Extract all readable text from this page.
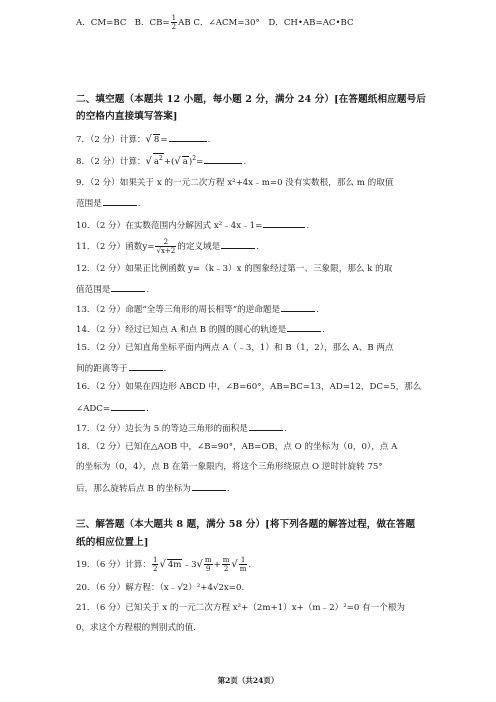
A．CM=BC B．$CB= \frac{1}{2}$ AB C．∠ACM=30°　D．CH•AB=AC•BC
二、填空题（本题共 12 小题，每小题 2 分，满分 24 分）[在答题纸相应题号后
的空格内直接填写答案]
7．（2 分）计算：√ 8=	.
8．（2 分）计算：√ $a^2+(√$ a)$^2$=	.
9．（2 分）如果关于 x 的一元二次方程 x²+4x﹣m=0 没有实数根，那么 m 的取值
范围是	.
10．（2 分）在实数范围内分解因式 x²﹣4x﹣1=	.
11．（2 分）函数$y= \frac{2}{√x+2}$ 的定义域是	.
12．（2 分）如果正比例函数 y=（k﹣3）x 的图象经过第一、三象限，那么 k 的取
值范围是	.
13．（2 分）命题“全等三角形的周长相等”的逆命题是	.
14．（2 分）经过已知点 A 和点 B 的圆的圆心的轨迹是	.
15．（2 分）已知直角坐标平面内两点 A（﹣3，1）和 B（1，2），那么 A、B 两点
间的距离等于	.
16．（2 分）如果在四边形 ABCD 中，∠B=60°，AB=BC=13，AD=12，DC=5，那么
∠ADC=	.
17．（2 分）边长为 5 的等边三角形的面积是	.
18．（2 分）已知在△AOB 中，∠B=90°，AB=OB，点 O 的坐标为（0，0），点 A
的坐标为（0，4），点 B 在第一象限内，将这个三角形绕原点 O 逆时针旋转 75°
后，那么旋转后点 B 的坐标为	.
三、解答题（本大题共 8 题，满分 58 分）[将下列各题的解答过程，做在答题
纸的相应位置上]
19．（6 分）计算： $\frac{1}{2}$ √ 4m﹣3√ $\frac{m}{9} + \frac{m}{2}$ √ $\frac{1}{m}$ .
20．（6 分）解方程：（x﹣√2）²+4√2x=0.
21．（6 分）已知关于 x 的一元二次方程 x²+（2m+1）x+（m﹣2）²=0 有一个根为
0，求这个方程根的判别式的值.
第2页（共24页）
